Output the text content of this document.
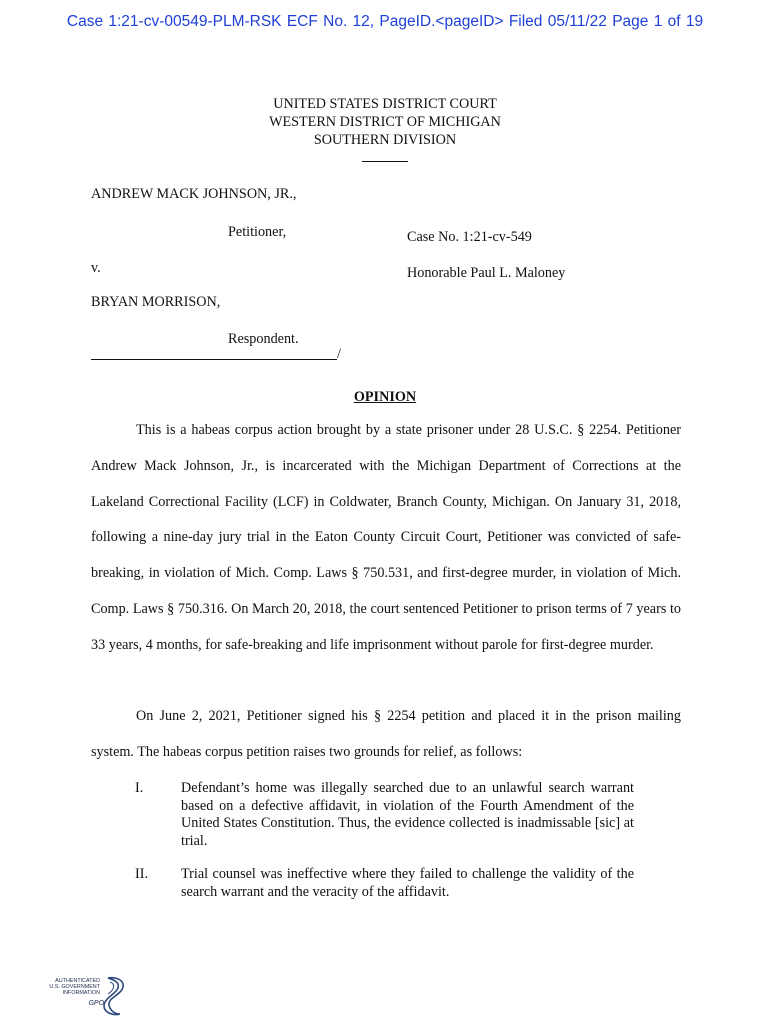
Case 1:21-cv-00549-PLM-RSK ECF No. 12, PageID.<pageID> Filed 05/11/22 Page 1 of 19
UNITED STATES DISTRICT COURT
WESTERN DISTRICT OF MICHIGAN
SOUTHERN DIVISION
ANDREW MACK JOHNSON, JR.,
Petitioner,	Case No. 1:21-cv-549
v.	Honorable Paul L. Maloney
BRYAN MORRISON,
Respondent.
/
OPINION
This is a habeas corpus action brought by a state prisoner under 28 U.S.C. § 2254. Petitioner Andrew Mack Johnson, Jr., is incarcerated with the Michigan Department of Corrections at the Lakeland Correctional Facility (LCF) in Coldwater, Branch County, Michigan. On January 31, 2018, following a nine-day jury trial in the Eaton County Circuit Court, Petitioner was convicted of safe-breaking, in violation of Mich. Comp. Laws § 750.531, and first-degree murder, in violation of Mich. Comp. Laws § 750.316. On March 20, 2018, the court sentenced Petitioner to prison terms of 7 years to 33 years, 4 months, for safe-breaking and life imprisonment without parole for first-degree murder.
On June 2, 2021, Petitioner signed his § 2254 petition and placed it in the prison mailing system. The habeas corpus petition raises two grounds for relief, as follows:
I.	Defendant’s home was illegally searched due to an unlawful search warrant based on a defective affidavit, in violation of the Fourth Amendment of the United States Constitution. Thus, the evidence collected is inadmissable [sic] at trial.
II. Trial counsel was ineffective where they failed to challenge the validity of the search warrant and the veracity of the affidavit.
AUTHENTICATED
U.S. GOVERNMENT
INFORMATION
GPO
